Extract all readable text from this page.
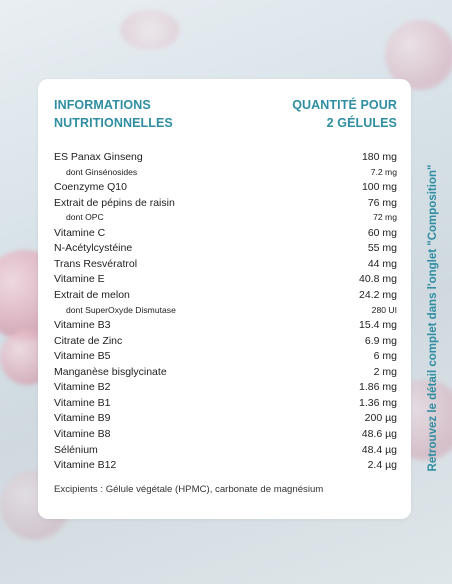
INFORMATIONS
NUTRITIONNELLES
QUANTITÉ POUR
2 GÉLULES
ES Panax Ginseng	180 mg
dont Ginsénosides	7.2 mg
Coenzyme Q10	100 mg
Extrait de pépins de raisin	76 mg
dont OPC	72 mg
Vitamine C	60 mg
N-Acétylcystéine	55 mg
Trans Resvératrol	44 mg
Vitamine E	40.8 mg
Extrait de melon	24.2 mg
dont SuperOxyde Dismutase	280 UI
Vitamine B3	15.4 mg
Citrate de Zinc	6.9 mg
Vitamine B5	6 mg
Manganèse bisglycinate	2 mg
Vitamine B2	1.86 mg
Vitamine B1	1.36 mg
Vitamine B9	200 µg
Vitamine B8	48.6 µg
Sélénium	48.4 µg
Vitamine B12	2.4 µg
Excipients : Gélule végétale (HPMC), carbonate de magnésium
Retrouvez le détail complet dans l'onglet "Composition"
